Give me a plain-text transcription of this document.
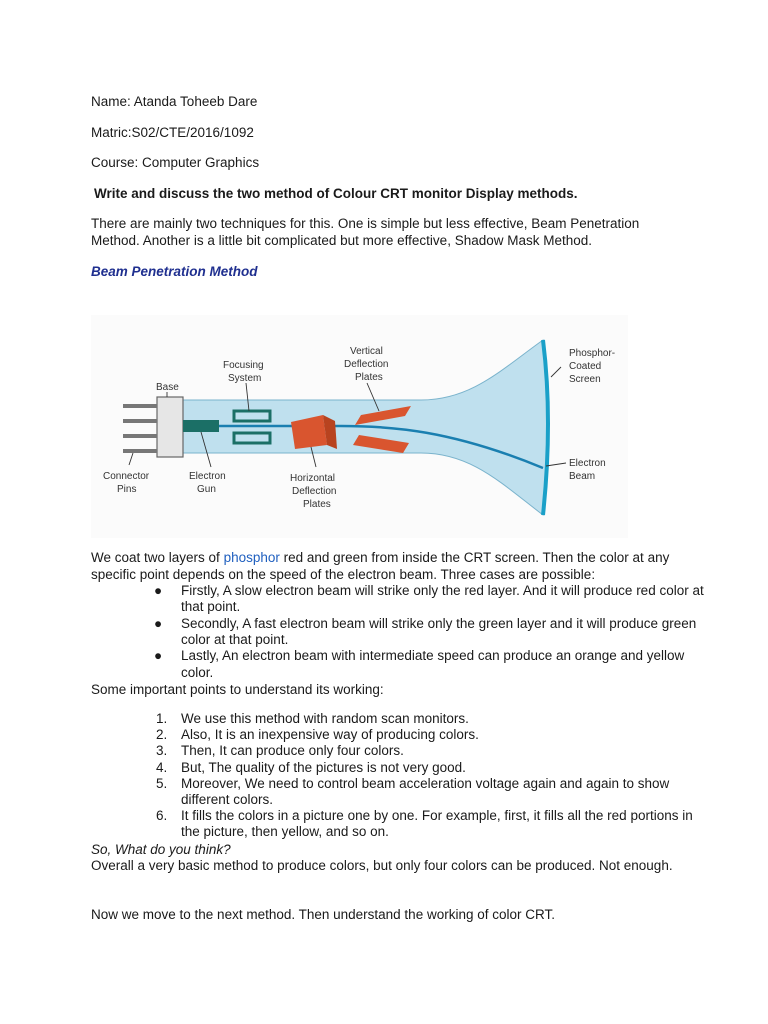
Name: Atanda Toheeb Dare
Matric:S02/CTE/2016/1092
Course: Computer Graphics
Write and discuss the two method of Colour CRT monitor Display methods.
There are mainly two techniques for this. One is simple but less effective, Beam Penetration Method. Another is a little bit complicated but more effective, Shadow Mask Method.
Beam Penetration Method
Base
Focusing
System
Vertical
Deflection
Plates
Phosphor-
Coated
Screen
Connector
Pins
Electron
Gun
Horizontal
Deflection
Plates
Electron
Beam
We coat two layers of phosphor red and green from inside the CRT screen. Then the color at any specific point depends on the speed of the electron beam. Three cases are possible:
● Firstly, A slow electron beam will strike only the red layer. And it will produce red color at that point.
● Secondly, A fast electron beam will strike only the green layer and it will produce green color at that point.
● Lastly, An electron beam with intermediate speed can produce an orange and yellow color.
Some important points to understand its working:
1. We use this method with random scan monitors.
2. Also, It is an inexpensive way of producing colors.
3. Then, It can produce only four colors.
4. But, The quality of the pictures is not very good.
5. Moreover, We need to control beam acceleration voltage again and again to show different colors.
6. It fills the colors in a picture one by one. For example, first, it fills all the red portions in the picture, then yellow, and so on.
So, What do you think?
Overall a very basic method to produce colors, but only four colors can be produced. Not enough.
Now we move to the next method. Then understand the working of color CRT.
